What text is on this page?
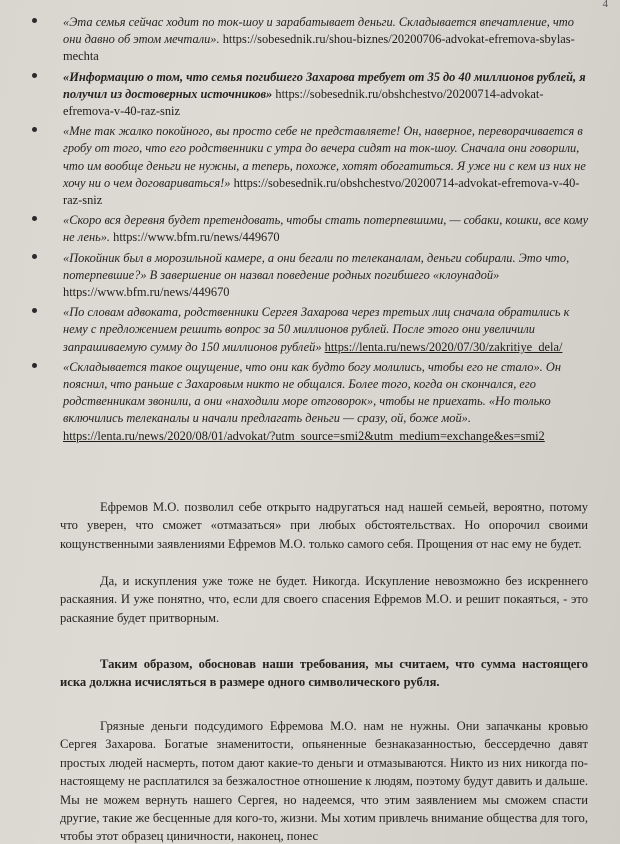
4
«Эта семья сейчас ходит по ток-шоу и зарабатывает деньги. Складывается впечатление, что они давно об этом мечтали». https://sobesednik.ru/shou-biznes/20200706-advokat-efremova-sbylas-mechta
«Информацию о том, что семья погибшего Захарова требует от 35 до 40 миллионов рублей, я получил из достоверных источников» https://sobesednik.ru/obshchestvo/20200714-advokat-efremova-v-40-raz-sniz
«Мне так жалко покойного, вы просто себе не представляете! Он, наверное, переворачивается в гробу от того, что его родственники с утра до вечера сидят на ток-шоу. Сначала они говорили, что им вообще деньги не нужны, а теперь, похоже, хотят обогатиться. Я уже ни с кем из них не хочу ни о чем договариваться!» https://sobesednik.ru/obshchestvo/20200714-advokat-efremova-v-40-raz-sniz
«Скоро вся деревня будет претендовать, чтобы стать потерпевшими, — собаки, кошки, все кому не лень». https://www.bfm.ru/news/449670
«Покойник был в морозильной камере, а они бегали по телеканалам, деньги собирали. Это что, потерпевшие?» В завершение он назвал поведение родных погибшего «клоунадой» https://www.bfm.ru/news/449670
«По словам адвоката, родственники Сергея Захарова через третьих лиц сначала обратились к нему с предложением решить вопрос за 50 миллионов рублей. После этого они увеличили запрашиваемую сумму до 150 миллионов рублей» https://lenta.ru/news/2020/07/30/zakritiye_dela/
«Складывается такое ощущение, что они как будто богу молились, чтобы его не стало». Он пояснил, что раньше с Захаровым никто не общался. Более того, когда он скончался, его родственникам звонили, а они «находили море отговорок», чтобы не приехать. «Но только включились телеканалы и начали предлагать деньги — сразу, ой, боже мой». https://lenta.ru/news/2020/08/01/advokat/?utm_source=smi2&utm_medium=exchange&es=smi2

Ефремов М.О. позволил себе открыто надругаться над нашей семьей, вероятно, потому что уверен, что сможет «отмазаться» при любых обстоятельствах. Но опорочил своими кощунственными заявлениями Ефремов М.О. только самого себя. Прощения от нас ему не будет.

Да, и искупления уже тоже не будет. Никогда. Искупление невозможно без искреннего раскаяния. И уже понятно, что, если для своего спасения Ефремов М.О. и решит покаяться, - это раскаяние будет притворным.

Таким образом, обосновав наши требования, мы считаем, что сумма настоящего иска должна исчисляться в размере одного символического рубля.

Грязные деньги подсудимого Ефремова М.О. нам не нужны. Они запачканы кровью Сергея Захарова. Богатые знаменитости, опьяненные безнаказанностью, бессердечно давят простых людей насмерть, потом дают какие-то деньги и отмазываются. Никто из них никогда по-настоящему не расплатился за безжалостное отношение к людям, поэтому будут давить и дальше. Мы не можем вернуть нашего Сергея, но надеемся, что этим заявлением мы сможем спасти другие, такие же бесценные для кого-то, жизни. Мы хотим привлечь внимание общества для того, чтобы этот образец циничности, наконец, понес
